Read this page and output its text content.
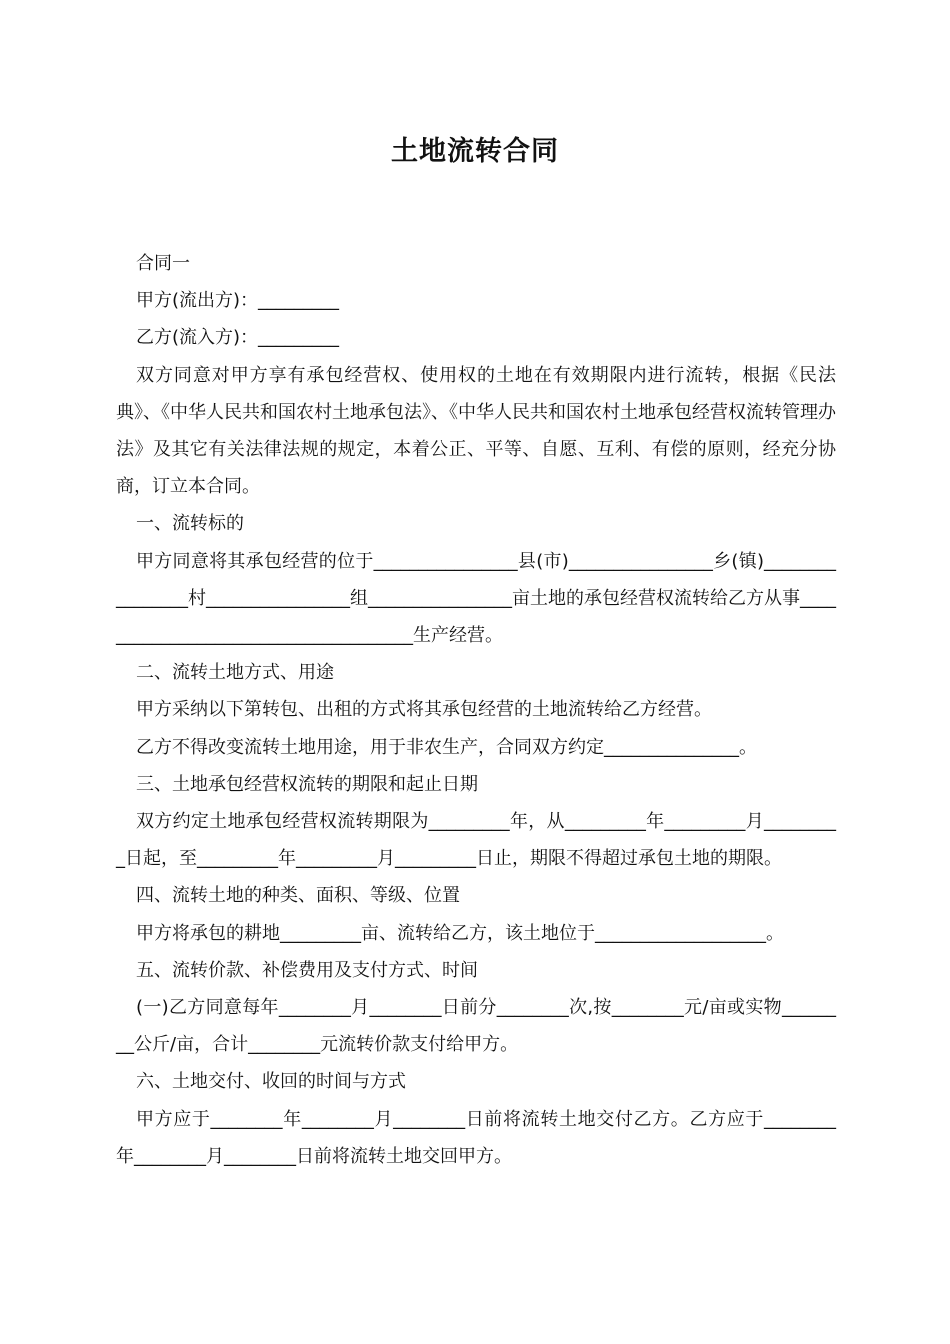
土地流转合同

合同一

甲方(流出方)：_________

乙方(流入方)：_________

双方同意对甲方享有承包经营权、使用权的土地在有效期限内进行流转，根据《民法典》、《中华人民共和国农村土地承包法》、《中华人民共和国农村土地承包经营权流转管理办法》及其它有关法律法规的规定，本着公正、平等、自愿、互利、有偿的原则，经充分协商，订立本合同。

一、流转标的

甲方同意将其承包经营的位于________________县(市)________________乡(镇)________________村________________组________________亩土地的承包经营权流转给乙方从事_____________________________________生产经营。

二、流转土地方式、用途

甲方采纳以下第转包、出租的方式将其承包经营的土地流转给乙方经营。

乙方不得改变流转土地用途，用于非农生产，合同双方约定_______________。

三、土地承包经营权流转的期限和起止日期

双方约定土地承包经营权流转期限为_________年，从_________年_________月_________日起，至_________年_________月_________日止，期限不得超过承包土地的期限。

四、流转土地的种类、面积、等级、位置

甲方将承包的耕地_________亩、流转给乙方，该土地位于___________________。

五、流转价款、补偿费用及支付方式、时间

(一)乙方同意每年________月________日前分________次,按________元/亩或实物________公斤/亩，合计________元流转价款支付给甲方。

六、土地交付、收回的时间与方式

甲方应于________年________月________日前将流转土地交付乙方。乙方应于________年________月________日前将流转土地交回甲方。
